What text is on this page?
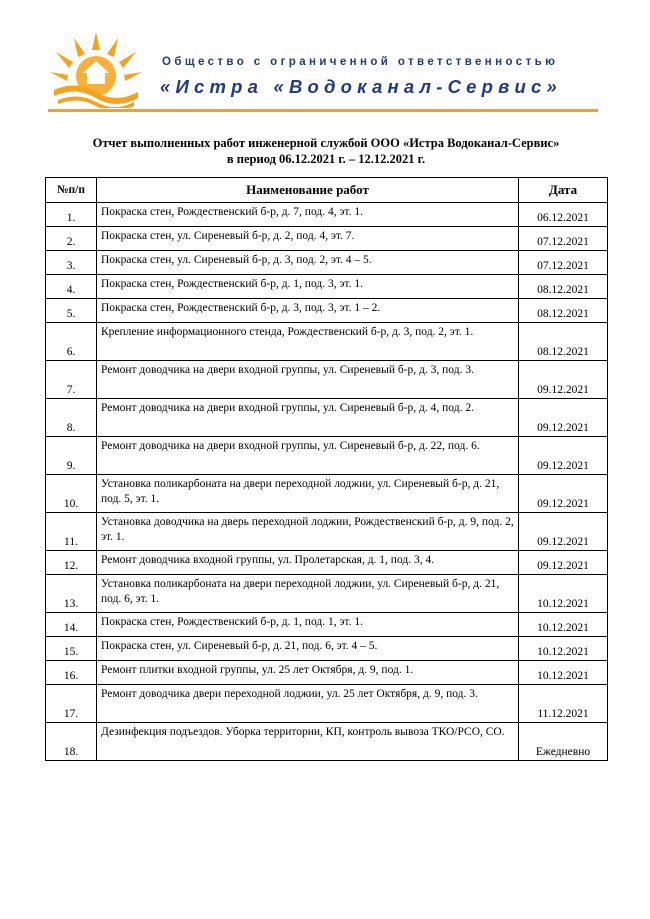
Общество с ограниченной ответственностью
«Истра «Водоканал-Сервис»
Отчет выполненных работ инженерной службой ООО «Истра Водоканал-Сервис»
в период 06.12.2021 г. – 12.12.2021 г.
№п/п	Наименование работ	Дата
1.	Покраска стен, Рождественский б-р, д. 7, под. 4, эт. 1.	06.12.2021
2.	Покраска стен, ул. Сиреневый б-р, д. 2, под. 4, эт. 7.	07.12.2021
3.	Покраска стен, ул. Сиреневый б-р, д. 3, под. 2, эт. 4 – 5.	07.12.2021
4.	Покраска стен, Рождественский б-р, д. 1, под. 3, эт. 1.	08.12.2021
5.	Покраска стен, Рождественский б-р, д. 3, под. 3, эт. 1 – 2.	08.12.2021
6.	Крепление информационного стенда, Рождественский б-р, д. 3, под. 2, эт. 1.	08.12.2021
7.	Ремонт доводчика на двери входной группы, ул. Сиреневый б-р, д. 3, под. 3.	09.12.2021
8.	Ремонт доводчика на двери входной группы, ул. Сиреневый б-р, д. 4, под. 2.	09.12.2021
9.	Ремонт доводчика на двери входной группы, ул. Сиреневый б-р, д. 22, под. 6.	09.12.2021
10.	Установка поликарбоната на двери переходной лоджии, ул. Сиреневый б-р, д. 21, под. 5, эт. 1.	09.12.2021
11.	Установка доводчика на дверь переходной лоджии, Рождественский б-р, д. 9, под. 2, эт. 1.	09.12.2021
12.	Ремонт доводчика входной группы, ул. Пролетарская, д. 1, под. 3, 4.	09.12.2021
13.	Установка поликарбоната на двери переходной лоджии, ул. Сиреневый б-р, д. 21, под. 6, эт. 1.	10.12.2021
14.	Покраска стен, Рождественский б-р, д. 1, под. 1, эт. 1.	10.12.2021
15.	Покраска стен, ул. Сиреневый б-р, д. 21, под. 6, эт. 4 – 5.	10.12.2021
16.	Ремонт плитки входной группы, ул. 25 лет Октября, д. 9, под. 1.	10.12.2021
17.	Ремонт доводчика двери переходной лоджии, ул. 25 лет Октября, д. 9, под. 3.	11.12.2021
18.	Дезинфекция подъездов. Уборка территории, КП, контроль вывоза ТКО/РСО, СО.	Ежедневно
